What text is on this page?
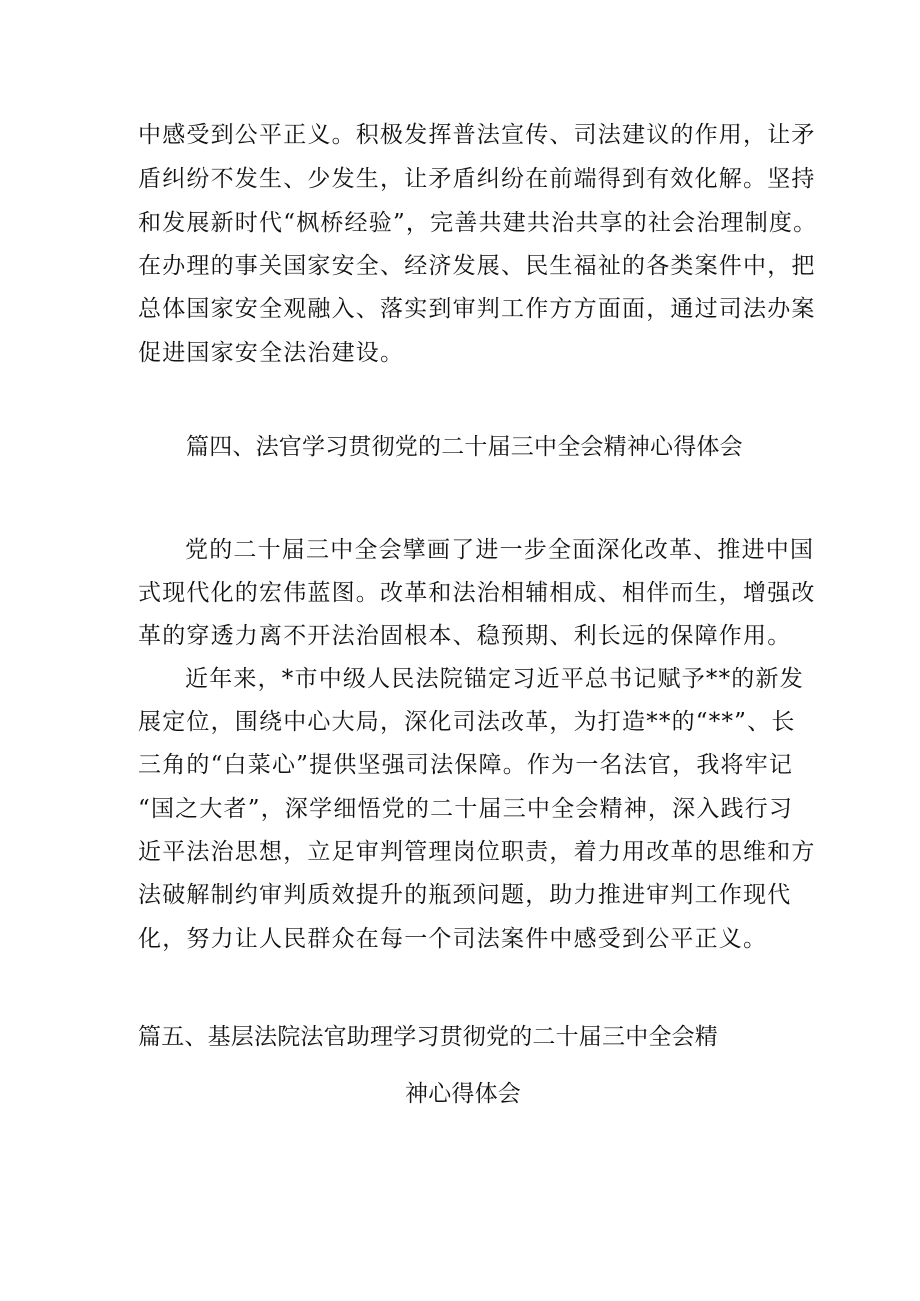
中感受到公平正义。积极发挥普法宣传、司法建议的作用，让矛
盾纠纷不发生、少发生，让矛盾纠纷在前端得到有效化解。坚持
和发展新时代“枫桥经验”，完善共建共治共享的社会治理制度。
在办理的事关国家安全、经济发展、民生福祉的各类案件中，把
总体国家安全观融入、落实到审判工作方方面面，通过司法办案
促进国家安全法治建设。
篇四、法官学习贯彻党的二十届三中全会精神心得体会
党的二十届三中全会擘画了进一步全面深化改革、推进中国
式现代化的宏伟蓝图。改革和法治相辅相成、相伴而生，增强改
革的穿透力离不开法治固根本、稳预期、利长远的保障作用。
近年来，*市中级人民法院锚定习近平总书记赋予**的新发
展定位，围绕中心大局，深化司法改革，为打造**的“**”、长
三角的“白菜心”提供坚强司法保障。作为一名法官，我将牢记
“国之大者”，深学细悟党的二十届三中全会精神，深入践行习
近平法治思想，立足审判管理岗位职责，着力用改革的思维和方
法破解制约审判质效提升的瓶颈问题，助力推进审判工作现代
化，努力让人民群众在每一个司法案件中感受到公平正义。
篇五、基层法院法官助理学习贯彻党的二十届三中全会精
神心得体会
